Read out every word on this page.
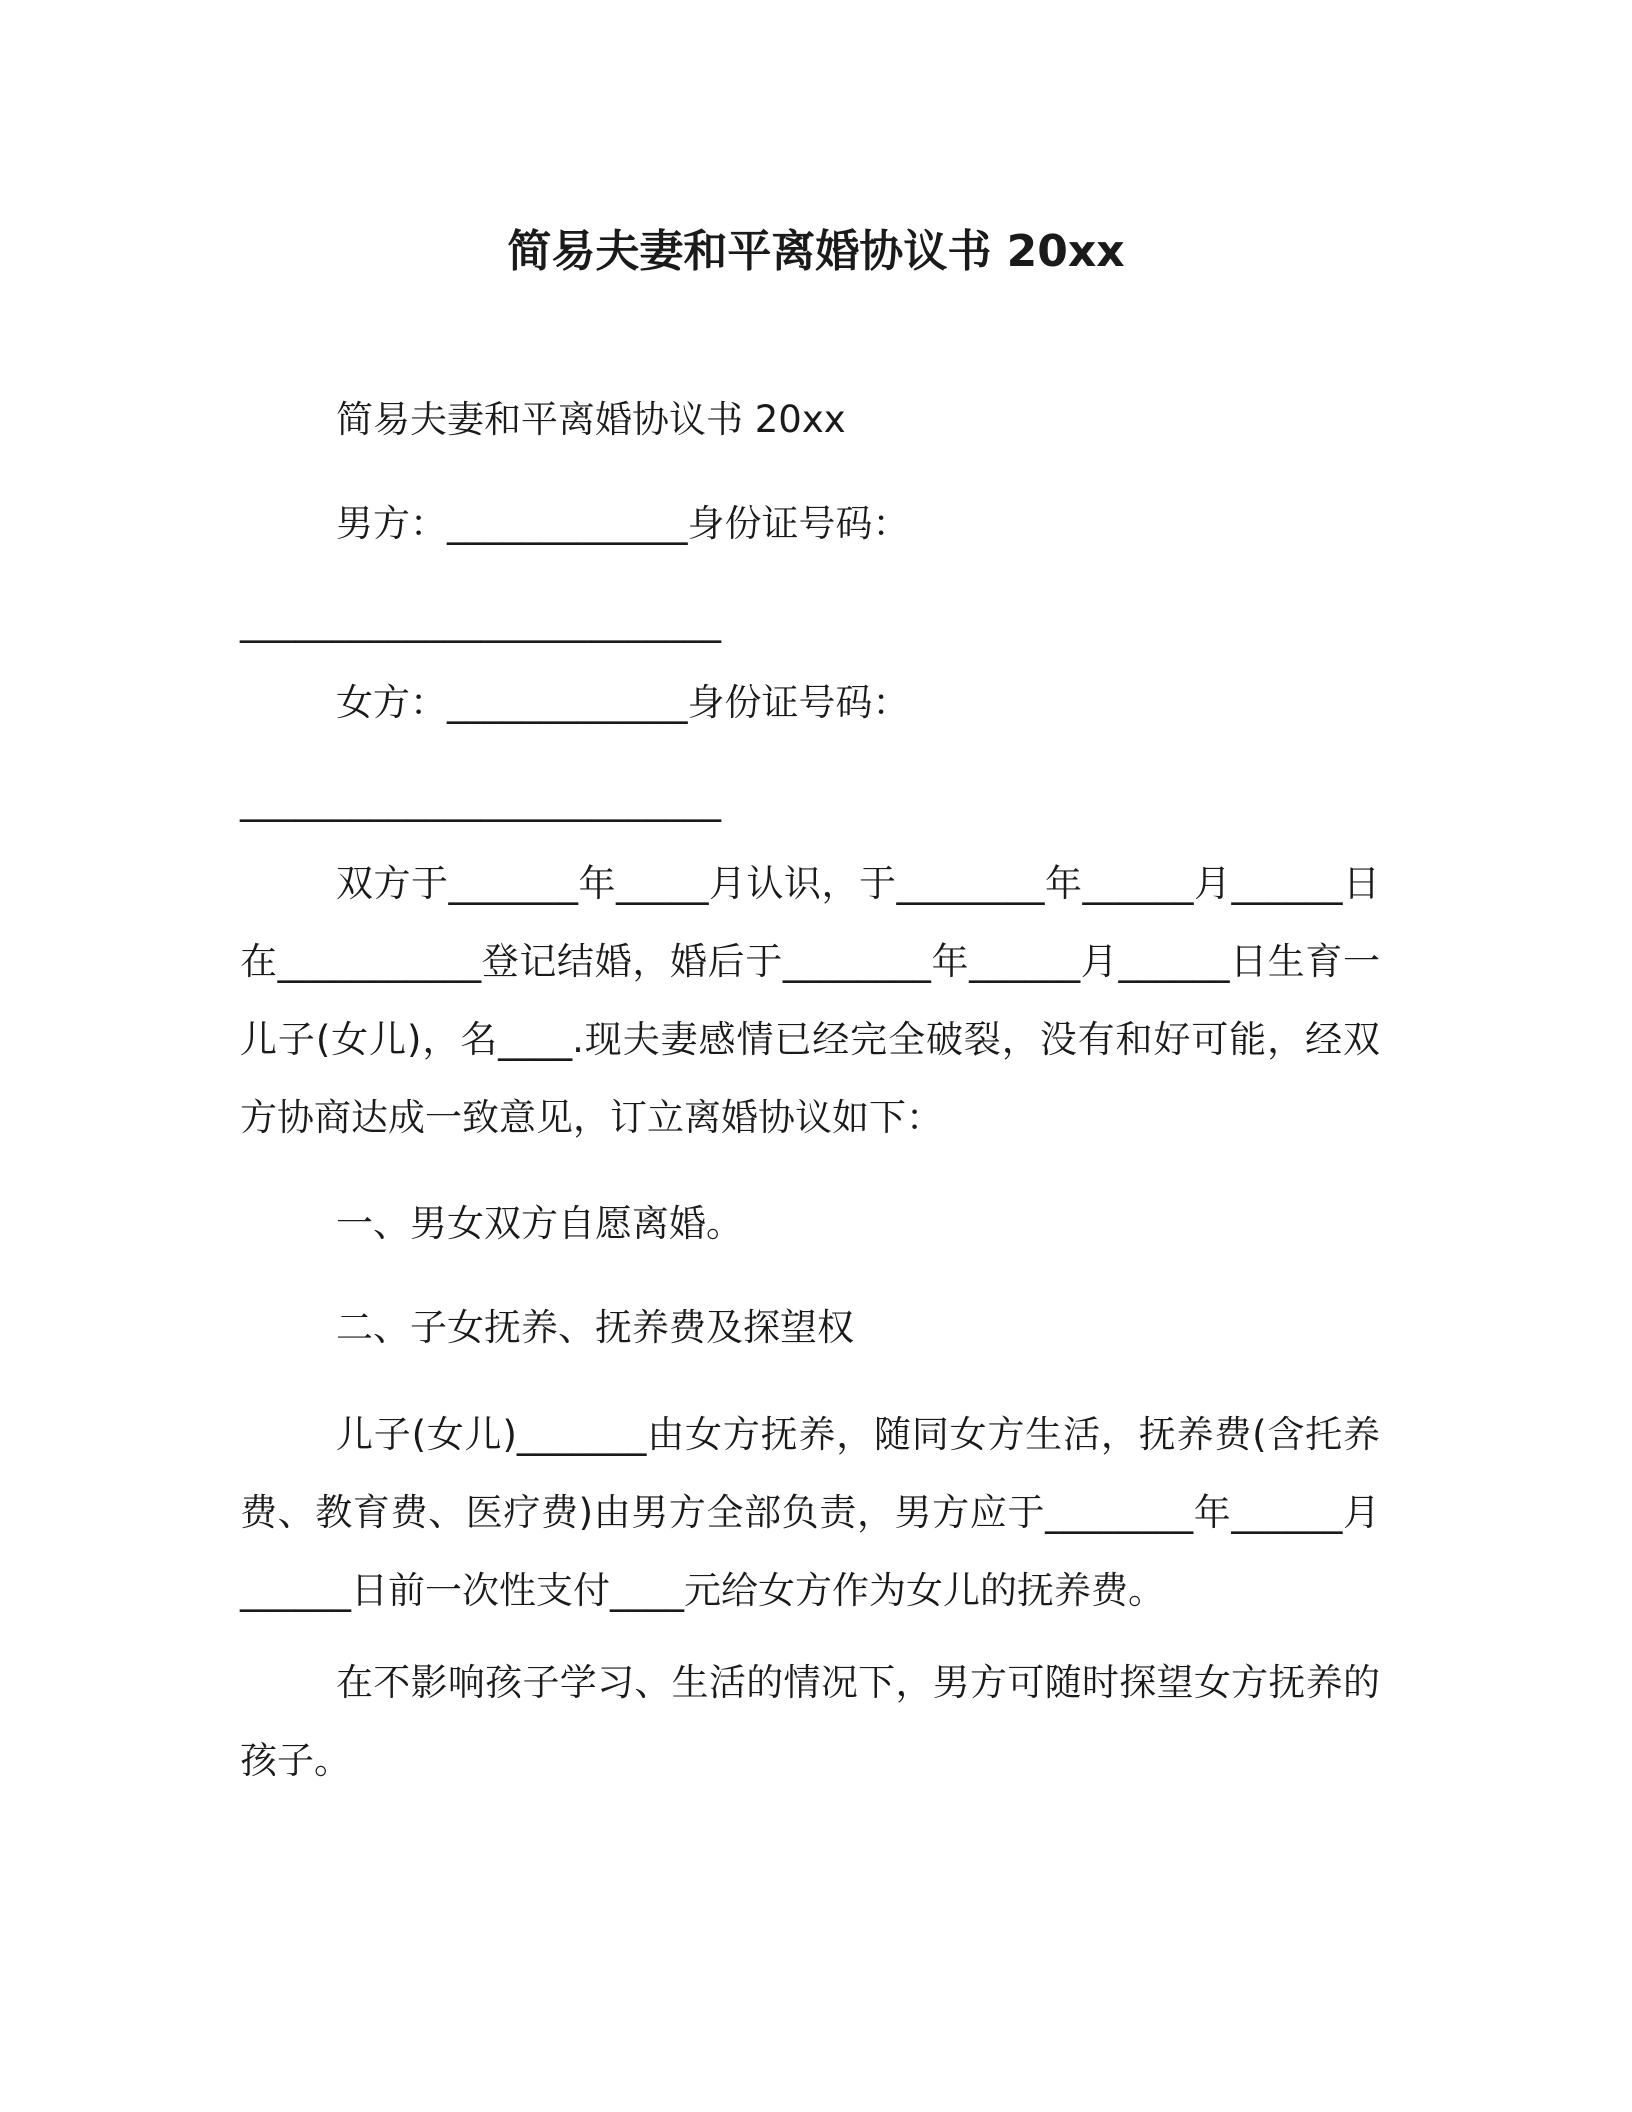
简易夫妻和平离婚协议书 20xx
简易夫妻和平离婚协议书 20xx
男方：_____________身份证号码：
__________________________
女方：_____________身份证号码：
__________________________
双方于_______年_____月认识，于________年______月______日在___________登记结婚，婚后于________年______月______日生育一儿子(女儿)，名____.现夫妻感情已经完全破裂，没有和好可能，经双方协商达成一致意见，订立离婚协议如下：
一、男女双方自愿离婚。
二、子女抚养、抚养费及探望权
儿子(女儿)_______由女方抚养，随同女方生活，抚养费(含托养费、教育费、医疗费)由男方全部负责，男方应于________年______月______日前一次性支付____元给女方作为女儿的抚养费。
在不影响孩子学习、生活的情况下，男方可随时探望女方抚养的孩子。
